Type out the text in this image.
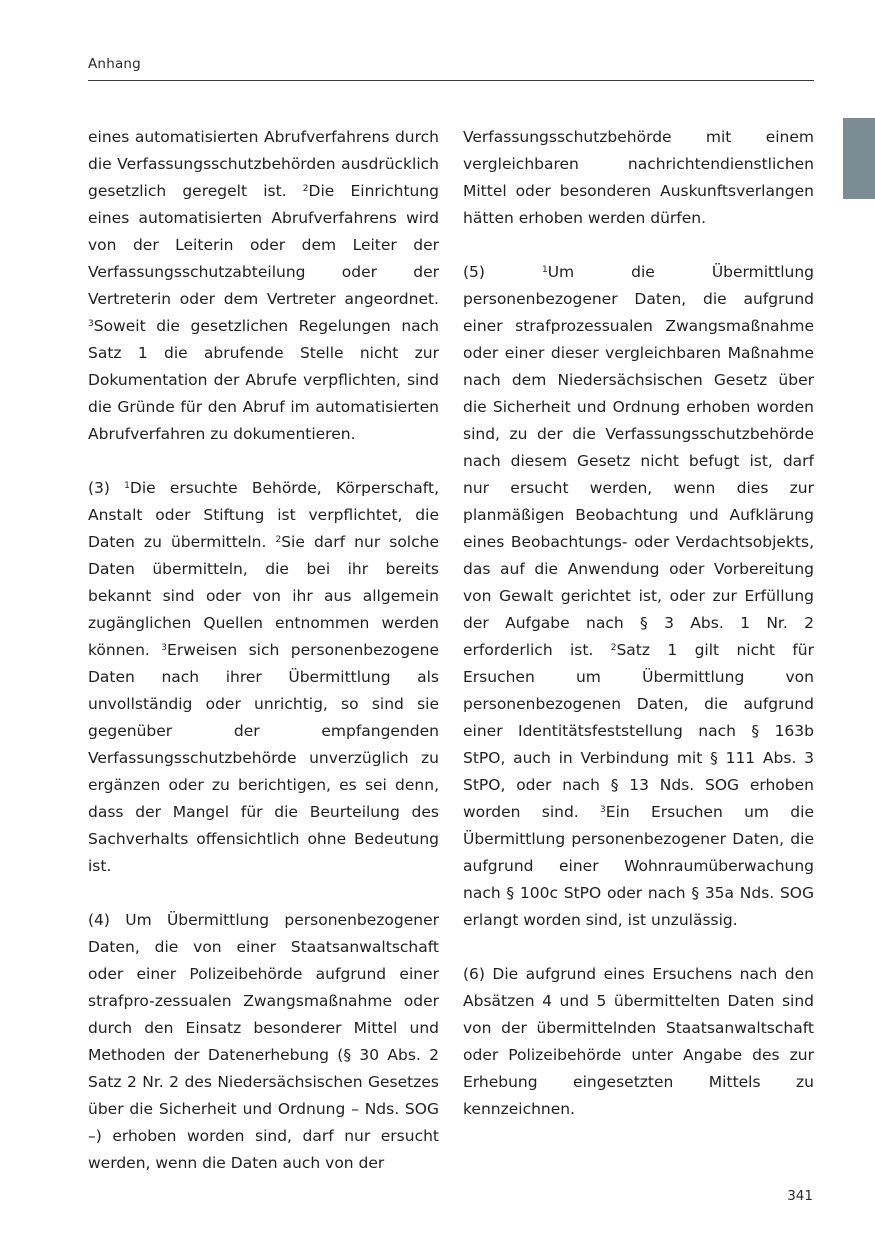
Anhang

eines automatisierten Abrufverfahrens durch die Verfassungsschutzbehörden ausdrücklich gesetzlich geregelt ist. $^2$Die Einrichtung eines automatisierten Abrufverfahrens wird von der Leiterin oder dem Leiter der Verfassungsschutzabteilung oder der Vertreterin oder dem Vertreter angeordnet. $^3$Soweit die gesetzlichen Regelungen nach Satz 1 die abrufende Stelle nicht zur Dokumentation der Abrufe verpflichten, sind die Gründe für den Abruf im automatisierten Abrufverfahren zu dokumentieren.

(3) $^1$Die ersuchte Behörde, Körperschaft, Anstalt oder Stiftung ist verpflichtet, die Daten zu übermitteln. $^2$Sie darf nur solche Daten übermitteln, die bei ihr bereits bekannt sind oder von ihr aus allgemein zugänglichen Quellen entnommen werden können. $^3$Erweisen sich personenbezogene Daten nach ihrer Übermittlung als unvollständig oder unrichtig, so sind sie gegenüber der empfangenden Verfassungsschutzbehörde unverzüglich zu ergänzen oder zu berichtigen, es sei denn, dass der Mangel für die Beurteilung des Sachverhalts offensichtlich ohne Bedeutung ist.

(4) Um Übermittlung personenbezogener Daten, die von einer Staatsanwaltschaft oder einer Polizeibehörde aufgrund einer strafpro-zessualen Zwangsmaßnahme oder durch den Einsatz besonderer Mittel und Methoden der Datenerhebung (§ 30 Abs. 2 Satz 2 Nr. 2 des Niedersächsischen Gesetzes über die Sicherheit und Ordnung – Nds. SOG –) erhoben worden sind, darf nur ersucht werden, wenn die Daten auch von der

Verfassungsschutzbehörde mit einem vergleichbaren nachrichtendienstlichen Mittel oder besonderen Auskunftsverlangen hätten erhoben werden dürfen.

(5) $^1$Um die Übermittlung personenbezogener Daten, die aufgrund einer strafprozessualen Zwangsmaßnahme oder einer dieser vergleichbaren Maßnahme nach dem Niedersächsischen Gesetz über die Sicherheit und Ordnung erhoben worden sind, zu der die Verfassungsschutzbehörde nach diesem Gesetz nicht befugt ist, darf nur ersucht werden, wenn dies zur planmäßigen Beobachtung und Aufklärung eines Beobachtungs- oder Verdachtsobjekts, das auf die Anwendung oder Vorbereitung von Gewalt gerichtet ist, oder zur Erfüllung der Aufgabe nach § 3 Abs. 1 Nr. 2 erforderlich ist. $^2$Satz 1 gilt nicht für Ersuchen um Übermittlung von personenbezogenen Daten, die aufgrund einer Identitätsfeststellung nach § 163b StPO, auch in Verbindung mit § 111 Abs. 3 StPO, oder nach § 13 Nds. SOG erhoben worden sind. $^3$Ein Ersuchen um die Übermittlung personenbezogener Daten, die aufgrund einer Wohnraumüberwachung nach § 100c StPO oder nach § 35a Nds. SOG erlangt worden sind, ist unzulässig.

(6) Die aufgrund eines Ersuchens nach den Absätzen 4 und 5 übermittelten Daten sind von der übermittelnden Staatsanwaltschaft oder Polizeibehörde unter Angabe des zur Erhebung eingesetzten Mittels zu kennzeichnen.

341
